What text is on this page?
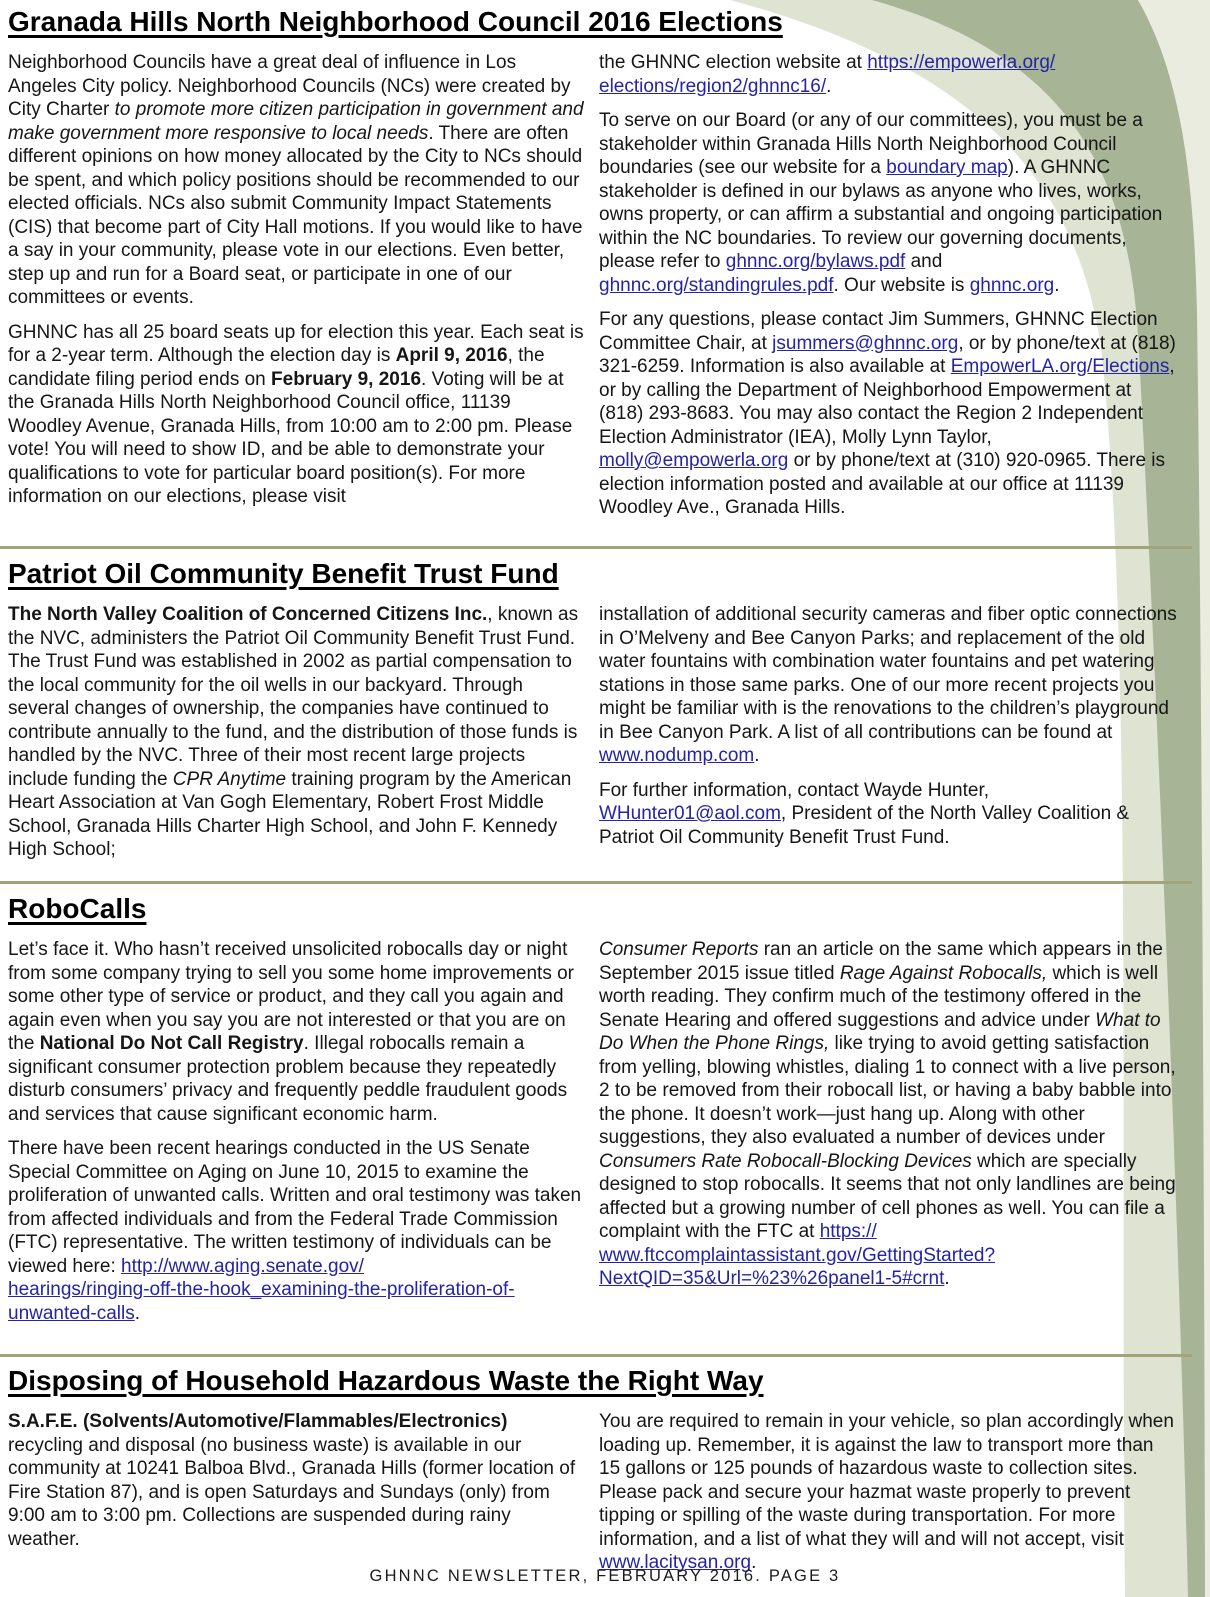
Granada Hills North Neighborhood Council 2016 Elections

Neighborhood Councils have a great deal of influence in Los Angeles City policy. Neighborhood Councils (NCs) were created by City Charter to promote more citizen participation in government and make government more responsive to local needs. There are often different opinions on how money allocated by the City to NCs should be spent, and which policy positions should be recommended to our elected officials. NCs also submit Community Impact Statements (CIS) that become part of City Hall motions. If you would like to have a say in your community, please vote in our elections. Even better, step up and run for a Board seat, or participate in one of our committees or events.

GHNNC has all 25 board seats up for election this year. Each seat is for a 2-year term. Although the election day is April 9, 2016, the candidate filing period ends on February 9, 2016. Voting will be at the Granada Hills North Neighborhood Council office, 11139 Woodley Avenue, Granada Hills, from 10:00 am to 2:00 pm. Please vote! You will need to show ID, and be able to demonstrate your qualifications to vote for particular board position(s). For more information on our elections, please visit

the GHNNC election website at https://empowerla.org/
elections/region2/ghnnc16/.

To serve on our Board (or any of our committees), you must be a stakeholder within Granada Hills North Neighborhood Council boundaries (see our website for a boundary map). A GHNNC stakeholder is defined in our bylaws as anyone who lives, works, owns property, or can affirm a substantial and ongoing participation within the NC boundaries. To review our governing documents, please refer to ghnnc.org/bylaws.pdf and ghnnc.org/standingrules.pdf. Our website is ghnnc.org.

For any questions, please contact Jim Summers, GHNNC Election Committee Chair, at jsummers@ghnnc.org, or by phone/text at (818) 321-6259. Information is also available at EmpowerLA.org/Elections, or by calling the Department of Neighborhood Empowerment at (818) 293-8683. You may also contact the Region 2 Independent Election Administrator (IEA), Molly Lynn Taylor, molly@empowerla.org or by phone/text at (310) 920-0965. There is election information posted and available at our office at 11139 Woodley Ave., Granada Hills.

Patriot Oil Community Benefit Trust Fund

The North Valley Coalition of Concerned Citizens Inc., known as the NVC, administers the Patriot Oil Community Benefit Trust Fund. The Trust Fund was established in 2002 as partial compensation to the local community for the oil wells in our backyard. Through several changes of ownership, the companies have continued to contribute annually to the fund, and the distribution of those funds is handled by the NVC. Three of their most recent large projects include funding the CPR Anytime training program by the American Heart Association at Van Gogh Elementary, Robert Frost Middle School, Granada Hills Charter High School, and John F. Kennedy High School;

installation of additional security cameras and fiber optic connections in O’Melveny and Bee Canyon Parks; and replacement of the old water fountains with combination water fountains and pet watering stations in those same parks. One of our more recent projects you might be familiar with is the renovations to the children’s playground in Bee Canyon Park. A list of all contributions can be found at www.nodump.com.

For further information, contact Wayde Hunter, WHunter01@aol.com, President of the North Valley Coalition & Patriot Oil Community Benefit Trust Fund.

RoboCalls

Let’s face it. Who hasn’t received unsolicited robocalls day or night from some company trying to sell you some home improvements or some other type of service or product, and they call you again and again even when you say you are not interested or that you are on the National Do Not Call Registry. Illegal robocalls remain a significant consumer protection problem because they repeatedly disturb consumers’ privacy and frequently peddle fraudulent goods and services that cause significant economic harm.

There have been recent hearings conducted in the US Senate Special Committee on Aging on June 10, 2015 to examine the proliferation of unwanted calls. Written and oral testimony was taken from affected individuals and from the Federal Trade Commission (FTC) representative. The written testimony of individuals can be viewed here: http://www.aging.senate.gov/
hearings/ringing-off-the-hook_examining-the-proliferation-of-
unwanted-calls.

Consumer Reports ran an article on the same which appears in the September 2015 issue titled Rage Against Robocalls, which is well worth reading. They confirm much of the testimony offered in the Senate Hearing and offered suggestions and advice under What to Do When the Phone Rings, like trying to avoid getting satisfaction from yelling, blowing whistles, dialing 1 to connect with a live person, 2 to be removed from their robocall list, or having a baby babble into the phone. It doesn’t work—just hang up. Along with other suggestions, they also evaluated a number of devices under Consumers Rate Robocall-Blocking Devices which are specially designed to stop robocalls. It seems that not only landlines are being affected but a growing number of cell phones as well. You can file a complaint with the FTC at https://
www.ftccomplaintassistant.gov/GettingStarted?
NextQID=35&Url=%23%26panel1-5#crnt.

Disposing of Household Hazardous Waste the Right Way

S.A.F.E. (Solvents/Automotive/Flammables/Electronics) recycling and disposal (no business waste) is available in our community at 10241 Balboa Blvd., Granada Hills (former location of Fire Station 87), and is open Saturdays and Sundays (only) from 9:00 am to 3:00 pm. Collections are suspended during rainy weather.

You are required to remain in your vehicle, so plan accordingly when loading up. Remember, it is against the law to transport more than 15 gallons or 125 pounds of hazardous waste to collection sites. Please pack and secure your hazmat waste properly to prevent tipping or spilling of the waste during transportation. For more information, and a list of what they will and will not accept, visit www.lacitysan.org.

GHNNC NEWSLETTER, FEBRUARY 2016. PAGE 3
